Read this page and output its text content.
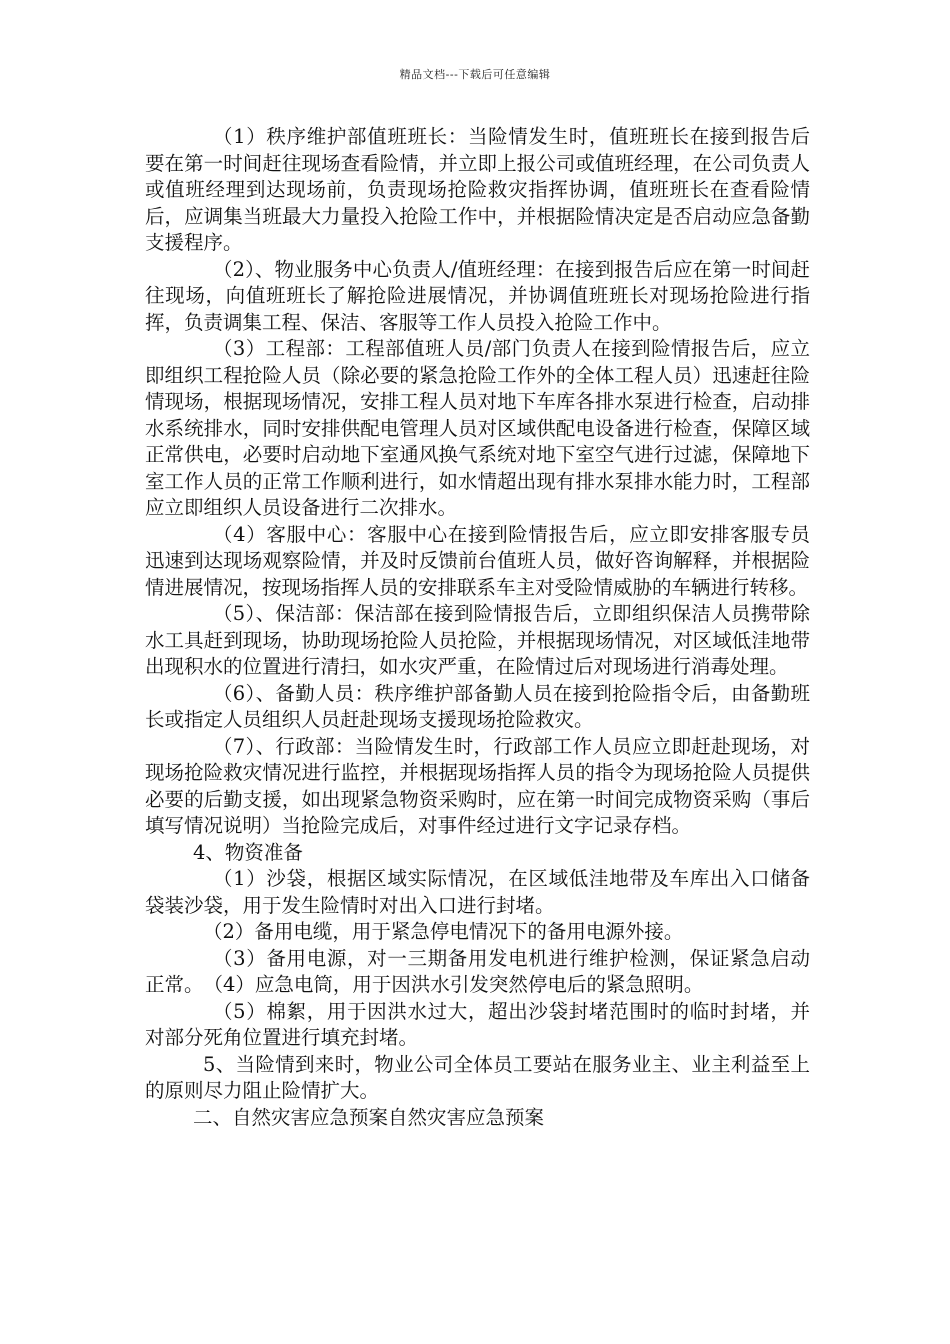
精品文档---下载后可任意编辑

（1）秩序维护部值班班长：当险情发生时，值班班长在接到报告后要在第一时间赶往现场查看险情，并立即上报公司或值班经理，在公司负责人或值班经理到达现场前，负责现场抢险救灾指挥协调，值班班长在查看险情后，应调集当班最大力量投入抢险工作中，并根据险情决定是否启动应急备勤支援程序。

（2）、物业服务中心负责人/值班经理：在接到报告后应在第一时间赶往现场，向值班班长了解抢险进展情况，并协调值班班长对现场抢险进行指挥，负责调集工程、保洁、客服等工作人员投入抢险工作中。

（3）工程部：工程部值班人员/部门负责人在接到险情报告后，应立即组织工程抢险人员（除必要的紧急抢险工作外的全体工程人员）迅速赶往险情现场，根据现场情况，安排工程人员对地下车库各排水泵进行检查，启动排水系统排水，同时安排供配电管理人员对区域供配电设备进行检查，保障区域正常供电，必要时启动地下室通风换气系统对地下室空气进行过滤，保障地下室工作人员的正常工作顺利进行，如水情超出现有排水泵排水能力时，工程部应立即组织人员设备进行二次排水。

（4）客服中心：客服中心在接到险情报告后，应立即安排客服专员迅速到达现场观察险情，并及时反馈前台值班人员，做好咨询解释，并根据险情进展情况，按现场指挥人员的安排联系车主对受险情威胁的车辆进行转移。

（5）、保洁部：保洁部在接到险情报告后，立即组织保洁人员携带除水工具赶到现场，协助现场抢险人员抢险，并根据现场情况，对区域低洼地带出现积水的位置进行清扫，如水灾严重，在险情过后对现场进行消毒处理。

（6）、备勤人员：秩序维护部备勤人员在接到抢险指令后，由备勤班长或指定人员组织人员赶赴现场支援现场抢险救灾。

（7）、行政部：当险情发生时，行政部工作人员应立即赶赴现场，对现场抢险救灾情况进行监控，并根据现场指挥人员的指令为现场抢险人员提供必要的后勤支援，如出现紧急物资采购时，应在第一时间完成物资采购（事后填写情况说明）当抢险完成后，对事件经过进行文字记录存档。

4、物资准备

（1）沙袋，根据区域实际情况，在区域低洼地带及车库出入口储备袋装沙袋，用于发生险情时对出入口进行封堵。

（2）备用电缆，用于紧急停电情况下的备用电源外接。

（3）备用电源，对一三期备用发电机进行维护检测，保证紧急启动正常。　（4）应急电筒，用于因洪水引发突然停电后的紧急照明。

（5）棉絮，用于因洪水过大，超出沙袋封堵范围时的临时封堵，并对部分死角位置进行填充封堵。

5、当险情到来时，物业公司全体员工要站在服务业主、业主利益至上的原则尽力阻止险情扩大。

二、自然灾害应急预案自然灾害应急预案
